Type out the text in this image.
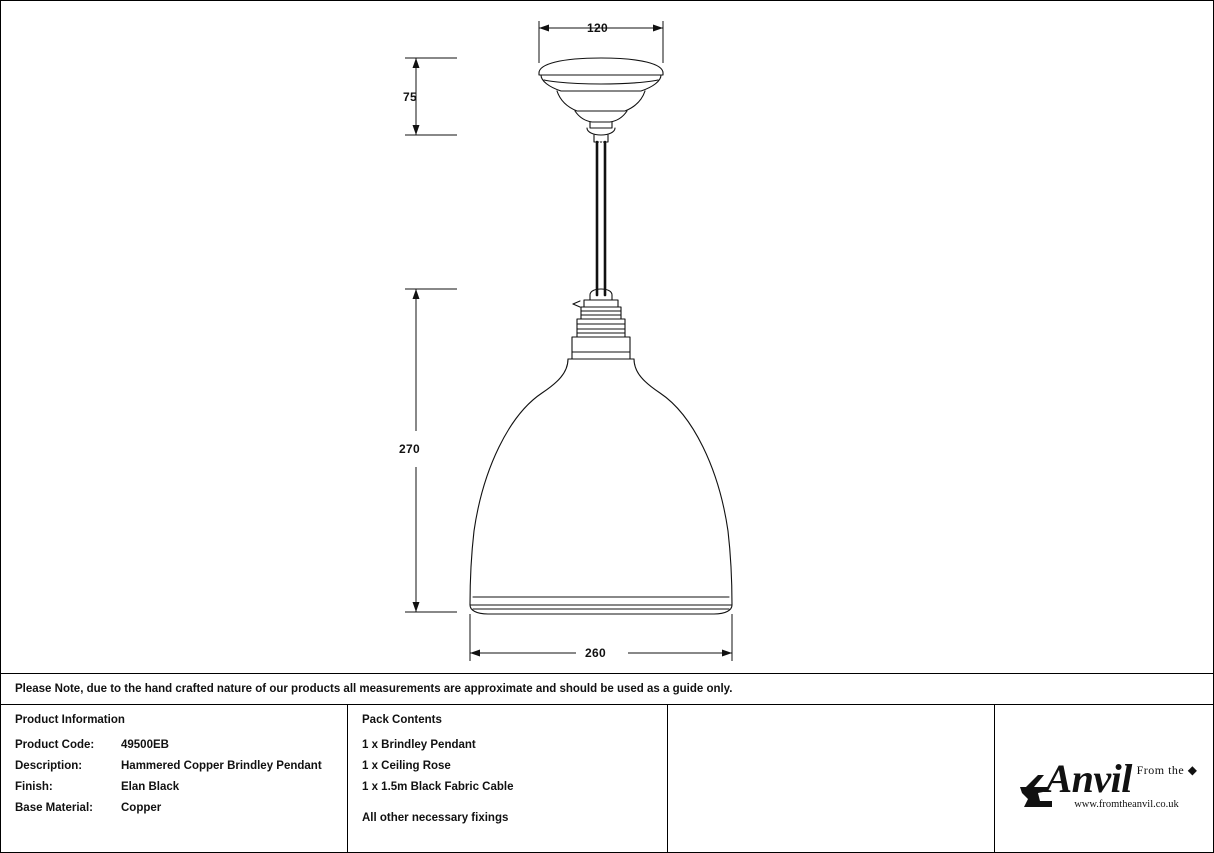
120
75
270
260
Please Note, due to the hand crafted nature of our products all measurements are approximate and should be used as a guide only.
Product Information
Product Code:	49500EB
Description:	Hammered Copper Brindley Pendant
Finish:	Elan Black
Base Material:	Copper
Pack Contents
1 x Brindley Pendant
1 x Ceiling Rose
1 x 1.5m Black Fabric Cable
All other necessary fixings
From the ◆
Anvil
www.fromtheanvil.co.uk
